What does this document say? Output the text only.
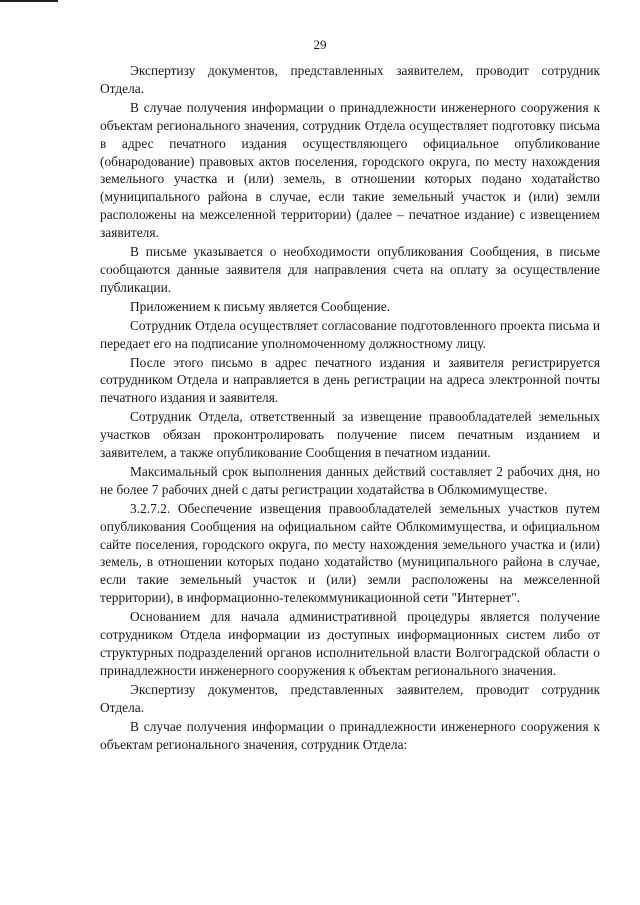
29

Экспертизу документов, представленных заявителем, проводит сотрудник Отдела.

В случае получения информации о принадлежности инженерного сооружения к объектам регионального значения, сотрудник Отдела осуществляет подготовку письма в адрес печатного издания осуществляющего официальное опубликование (обнародование) правовых актов поселения, городского округа, по месту нахождения земельного участка и (или) земель, в отношении которых подано ходатайство (муниципального района в случае, если такие земельный участок и (или) земли расположены на межселенной территории) (далее – печатное издание) с извещением заявителя.

В письме указывается о необходимости опубликования Сообщения, в письме сообщаются данные заявителя для направления счета на оплату за осуществление публикации.

Приложением к письму является Сообщение.

Сотрудник Отдела осуществляет согласование подготовленного проекта письма и передает его на подписание уполномоченному должностному лицу.

После этого письмо в адрес печатного издания и заявителя регистрируется сотрудником Отдела и направляется в день регистрации на адреса электронной почты печатного издания и заявителя.

Сотрудник Отдела, ответственный за извещение правообладателей земельных участков обязан проконтролировать получение писем печатным изданием и заявителем, а также опубликование Сообщения в печатном издании.

Максимальный срок выполнения данных действий составляет 2 рабочих дня, но не более 7 рабочих дней с даты регистрации ходатайства в Облкомимуществе.

3.2.7.2. Обеспечение извещения правообладателей земельных участков путем опубликования Сообщения на официальном сайте Облкомимущества, и официальном сайте поселения, городского округа, по месту нахождения земельного участка и (или) земель, в отношении которых подано ходатайство (муниципального района в случае, если такие земельный участок и (или) земли расположены на межселенной территории), в информационно-телекоммуникационной сети "Интернет".

Основанием для начала административной процедуры является получение сотрудником Отдела информации из доступных информационных систем либо от структурных подразделений органов исполнительной власти Волгоградской области о принадлежности инженерного сооружения к объектам регионального значения.

Экспертизу документов, представленных заявителем, проводит сотрудник Отдела.

В случае получения информации о принадлежности инженерного сооружения к объектам регионального значения, сотрудник Отдела:
